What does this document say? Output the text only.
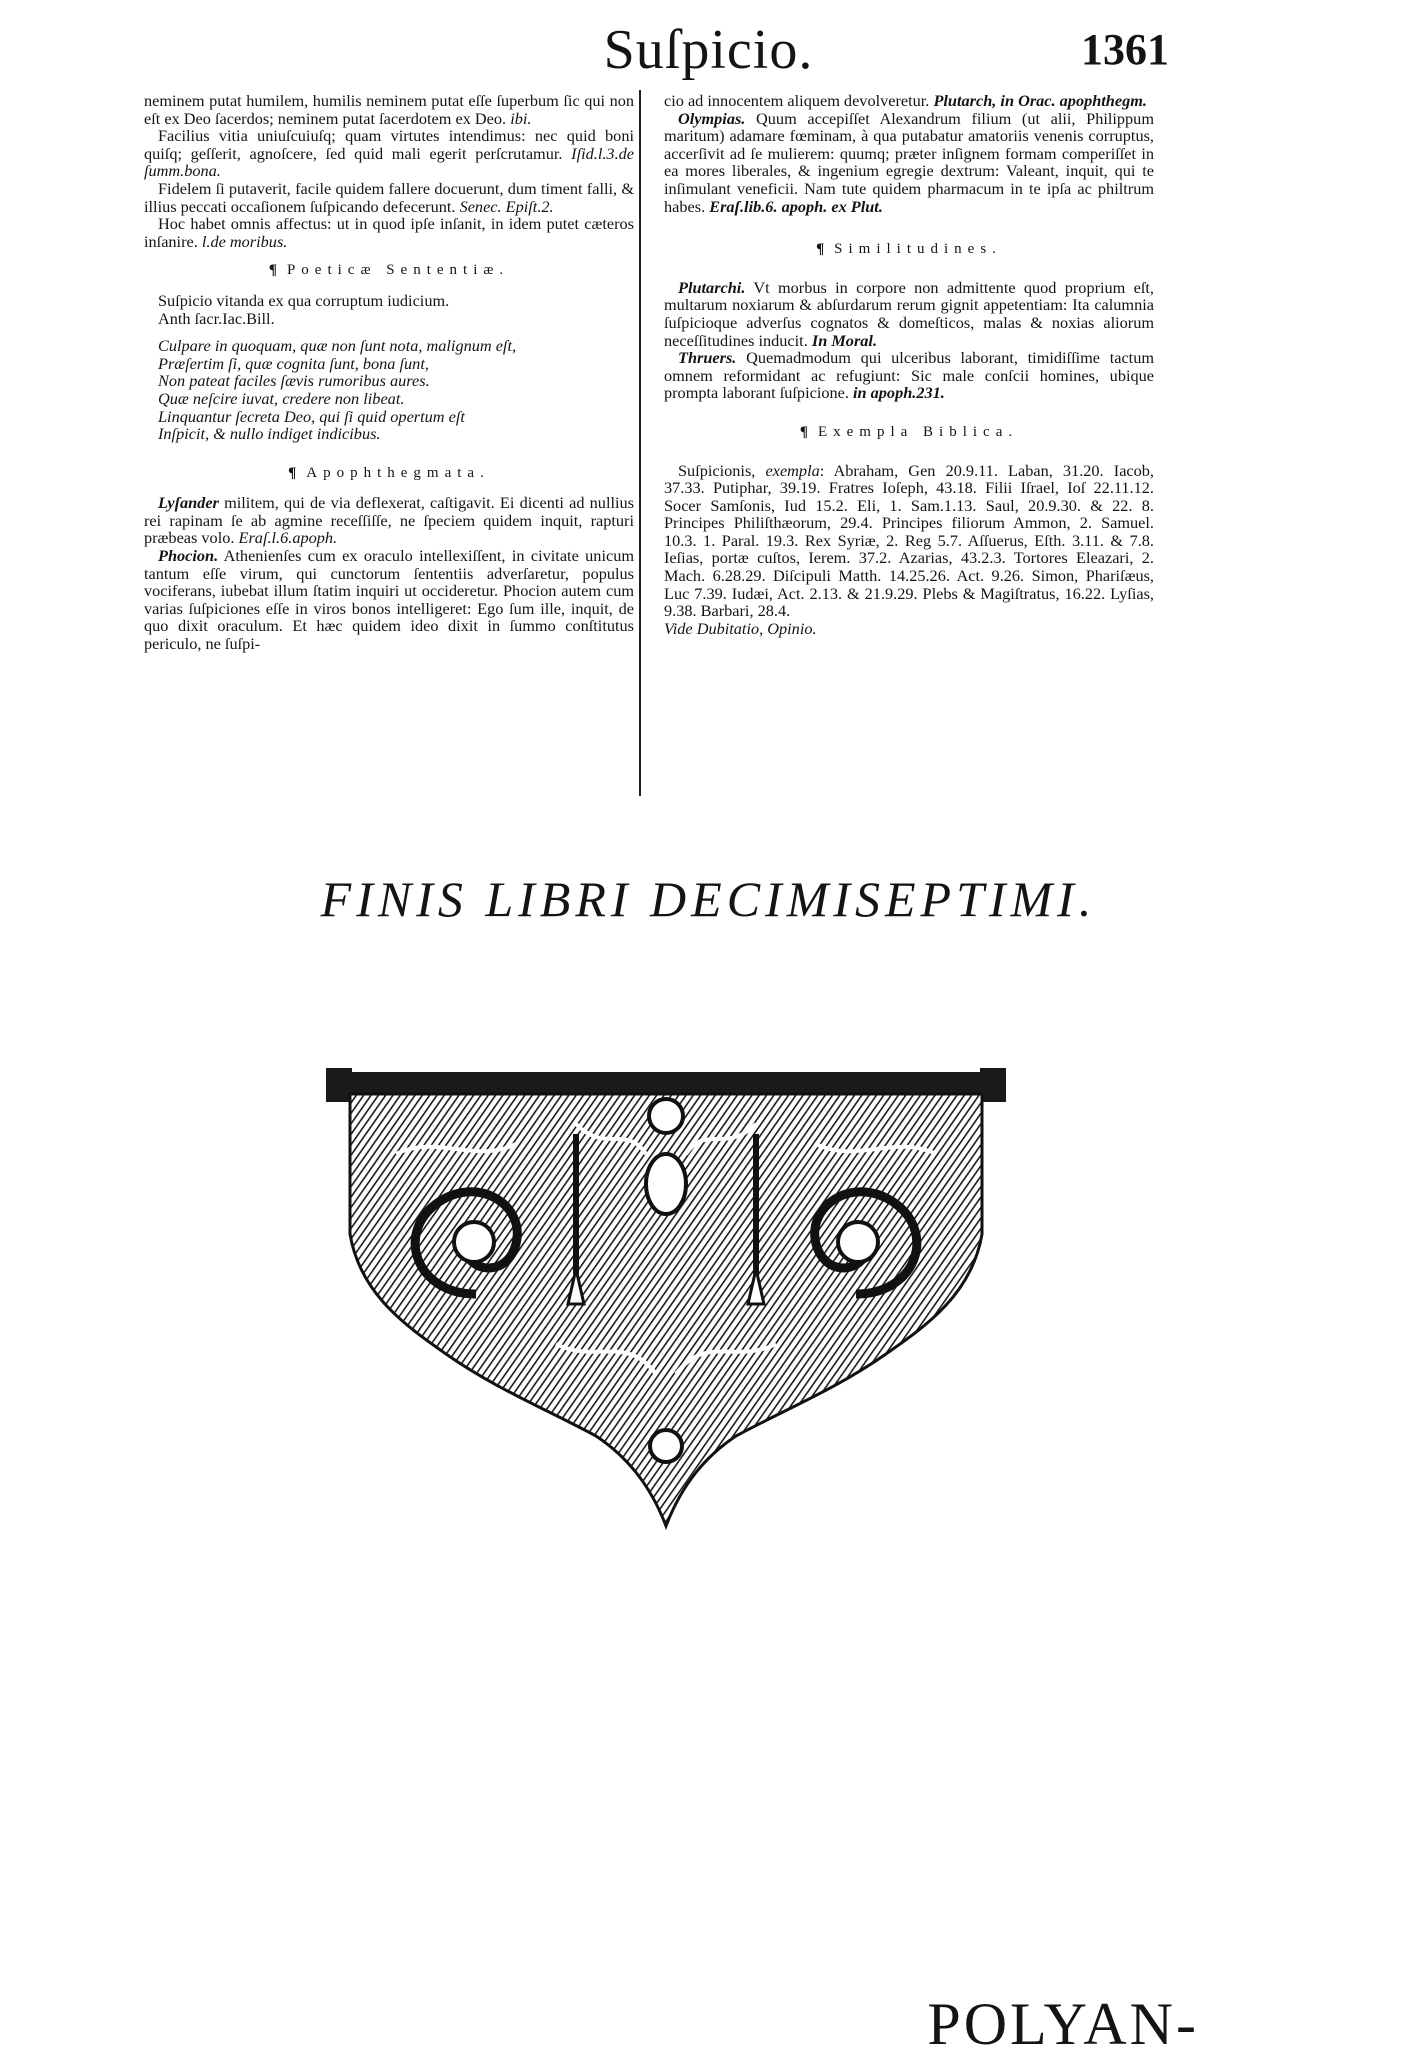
Suſpicio.	1361

neminem putat humilem, humilis neminem putat eſſe ſuperbum ſic qui non eſt ex Deo ſacerdos; neminem putat ſacerdotem ex Deo. ibi.

Facilius vitia uniuſcuiuſq; quam virtutes intendimus: nec quid boni quiſq; geſſerit, agnoſcere, ſed quid mali egerit perſcrutamur. Iſid.l.3.de ſumm.bona.

Fidelem ſi putaverit, facile quidem fallere docuerunt, dum timent falli, & illius peccati occaſionem ſuſpicando defecerunt. Senec. Epiſt.2.

Hoc habet omnis affectus: ut in quod ipſe inſanit, in idem putet cæteros inſanire. l.de moribus.

¶ Poeticæ Sententiæ.

Suſpicio vitanda ex qua corruptum iudicium.

Anth ſacr.Iac.Bill.

Culpare in quoquam, quæ non ſunt nota, malignum eſt,

Præſertim ſi, quæ cognita ſunt, bona ſunt,

Non pateat faciles ſævis rumoribus aures.

Quæ neſcire iuvat, credere non libeat.

Linquantur ſecreta Deo, qui ſi quid opertum eſt

Inſpicit, & nullo indiget indicibus.

¶ Apophthegmata.

Lyſander militem, qui de via deflexerat, caſtigavit. Ei dicenti ad nullius rei rapinam ſe ab agmine receſſiſſe, ne ſpeciem quidem inquit, rapturi præbeas volo. Eraſ.l.6.apoph.

Phocion. Athenienſes cum ex oraculo intellexiſſent, in civitate unicum tantum eſſe virum, qui cunctorum ſententiis adverſaretur, populus vociferans, iubebat illum ſtatim inquiri ut occideretur. Phocion autem cum varias ſuſpiciones eſſe in viros bonos intelligeret: Ego ſum ille, inquit, de quo dixit oraculum. Et hæc quidem ideo dixit in ſummo conſtitutus periculo, ne ſuſpi-

cio ad innocentem aliquem devolveretur. Plutarch, in Orac. apophthegm.

Olympias. Quum accepiſſet Alexandrum filium (ut alii, Philippum maritum) adamare fœminam, à qua putabatur amatoriis venenis corruptus, accerſivit ad ſe mulierem: quumq; præter inſignem formam comperiſſet in ea mores liberales, & ingenium egregie dextrum: Valeant, inquit, qui te inſimulant veneficii. Nam tute quidem pharmacum in te ipſa ac philtrum habes. Eraſ.lib.6. apoph. ex Plut.

¶ Similitudines.

Plutarchi. Vt morbus in corpore non admittente quod proprium eſt, multarum noxiarum & abſurdarum rerum gignit appetentiam: Ita calumnia ſuſpicioque adverſus cognatos & domeſticos, malas & noxias aliorum neceſſitudines inducit. In Moral.

Thruers. Quemadmodum qui ulceribus laborant, timidiſſime tactum omnem reformidant ac refugiunt: Sic male conſcii homines, ubique prompta laborant ſuſpicione. in apoph.231.

¶ Exempla Biblica.

Suſpicionis, exempla: Abraham, Gen 20.9.11. Laban, 31.20. Iacob, 37.33. Putiphar, 39.19. Fratres Ioſeph, 43.18. Filii Iſrael, Ioſ 22.11.12. Socer Samſonis, Iud 15.2. Eli, 1. Sam.1.13. Saul, 20.9.30. & 22. 8. Principes Philiſthæorum, 29.4. Principes filiorum Ammon, 2. Samuel. 10.3. 1. Paral. 19.3. Rex Syriæ, 2. Reg 5.7. Aſſuerus, Eſth. 3.11. & 7.8. Ieſias, portæ cuſtos, Ierem. 37.2. Azarias, 43.2.3. Tortores Eleazari, 2. Mach. 6.28.29. Diſcipuli Matth. 14.25.26. Act. 9.26. Simon, Phariſæus, Luc 7.39. Iudæi, Act. 2.13. & 21.9.29. Plebs & Magiſtratus, 16.22. Lyſias, 9.38. Barbari, 28.4.

Vide Dubitatio, Opinio.

FINIS LIBRI DECIMISEPTIMI.
POLYAN-
